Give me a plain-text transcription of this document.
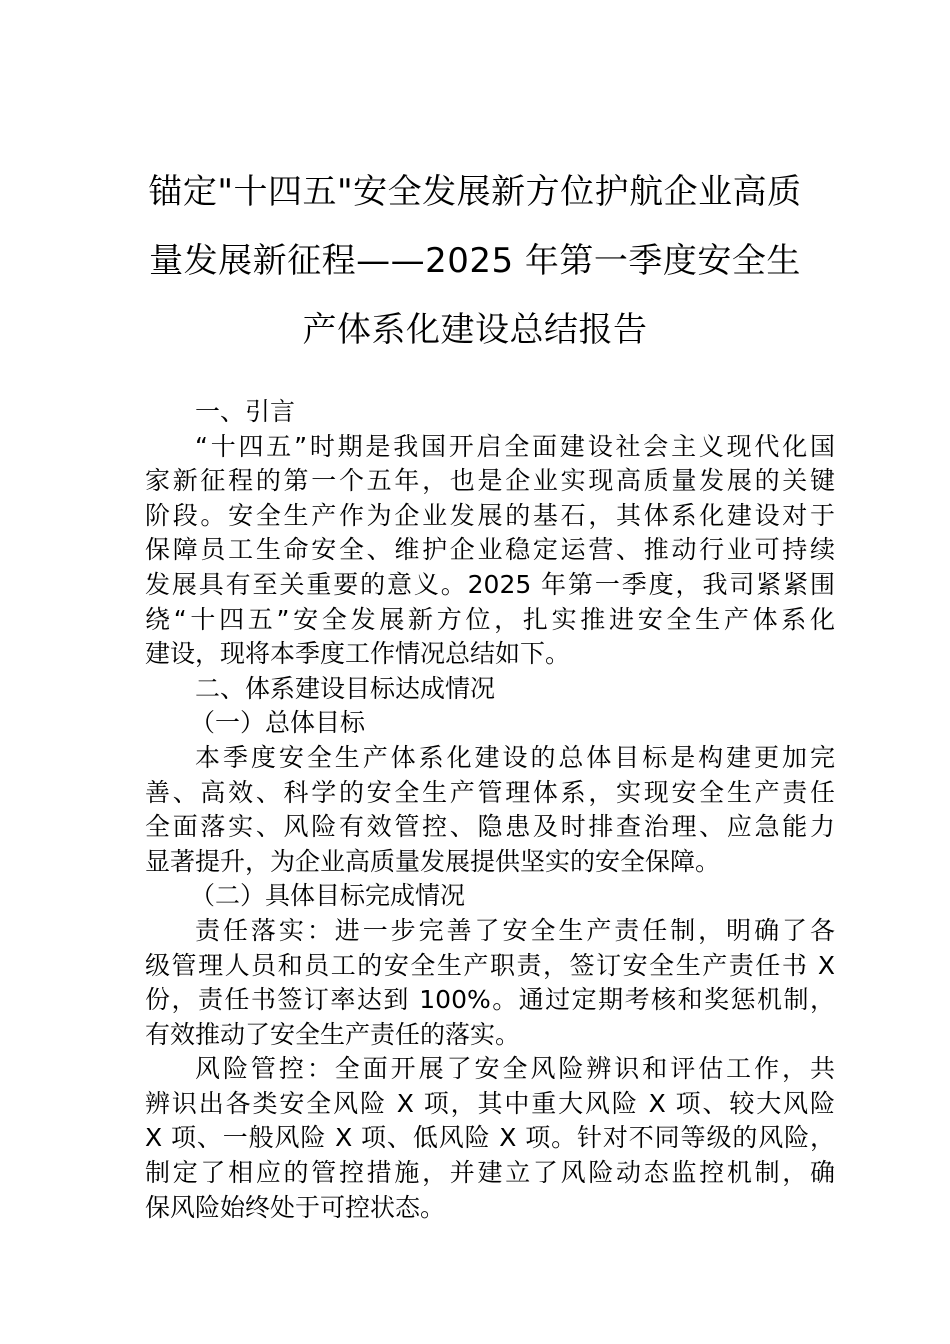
锚定"十四五"安全发展新方位护航企业高质
量发展新征程——2025 年第一季度安全生
产体系化建设总结报告
一、引言
“十四五”时期是我国开启全面建设社会主义现代化国
家新征程的第一个五年，也是企业实现高质量发展的关键
阶段。安全生产作为企业发展的基石，其体系化建设对于
保障员工生命安全、维护企业稳定运营、推动行业可持续
发展具有至关重要的意义。2025 年第一季度，我司紧紧围
绕“十四五”安全发展新方位，扎实推进安全生产体系化
建设，现将本季度工作情况总结如下。
二、体系建设目标达成情况
（一）总体目标
本季度安全生产体系化建设的总体目标是构建更加完
善、高效、科学的安全生产管理体系，实现安全生产责任
全面落实、风险有效管控、隐患及时排查治理、应急能力
显著提升，为企业高质量发展提供坚实的安全保障。
（二）具体目标完成情况
责任落实：进一步完善了安全生产责任制，明确了各
级管理人员和员工的安全生产职责，签订安全生产责任书 X
份，责任书签订率达到 100%。通过定期考核和奖惩机制，
有效推动了安全生产责任的落实。
风险管控：全面开展了安全风险辨识和评估工作，共
辨识出各类安全风险 X 项，其中重大风险 X 项、较大风险
X 项、一般风险 X 项、低风险 X 项。针对不同等级的风险，
制定了相应的管控措施，并建立了风险动态监控机制，确
保风险始终处于可控状态。
